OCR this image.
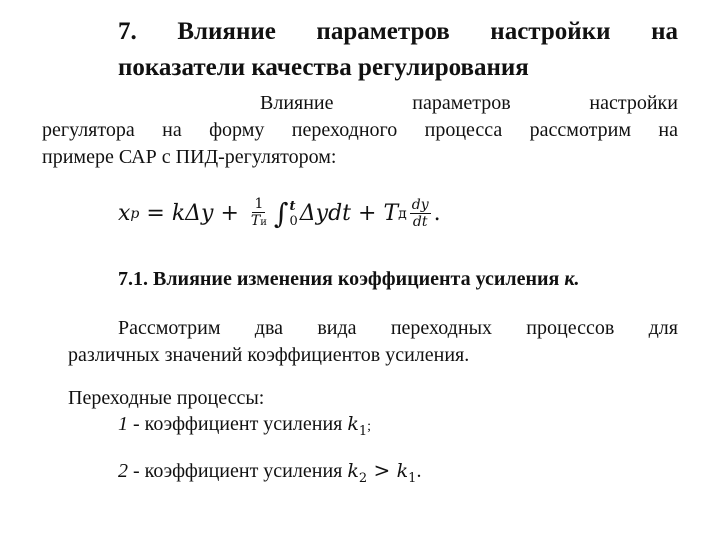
7. Влияние параметров настройки на
показатели качества регулирования
Влияние	параметров	настройки
регулятора на форму переходного процесса рассмотрим на
примере САР с ПИД-регулятором:
x $p = k\Delta y + \frac{1}{Tи}$ ∫ t
0 Δydt + T д $\frac{dy}{dt}$ .
7.1. Влияние изменения коэффициента усиления к.
Рассмотрим два вида переходных процессов для
различных значений коэффициентов усиления.
Переходные процессы:
1 - коэффициент усиления $k_1$;
2 - коэффициент усиления $k_2 > k_1$.
